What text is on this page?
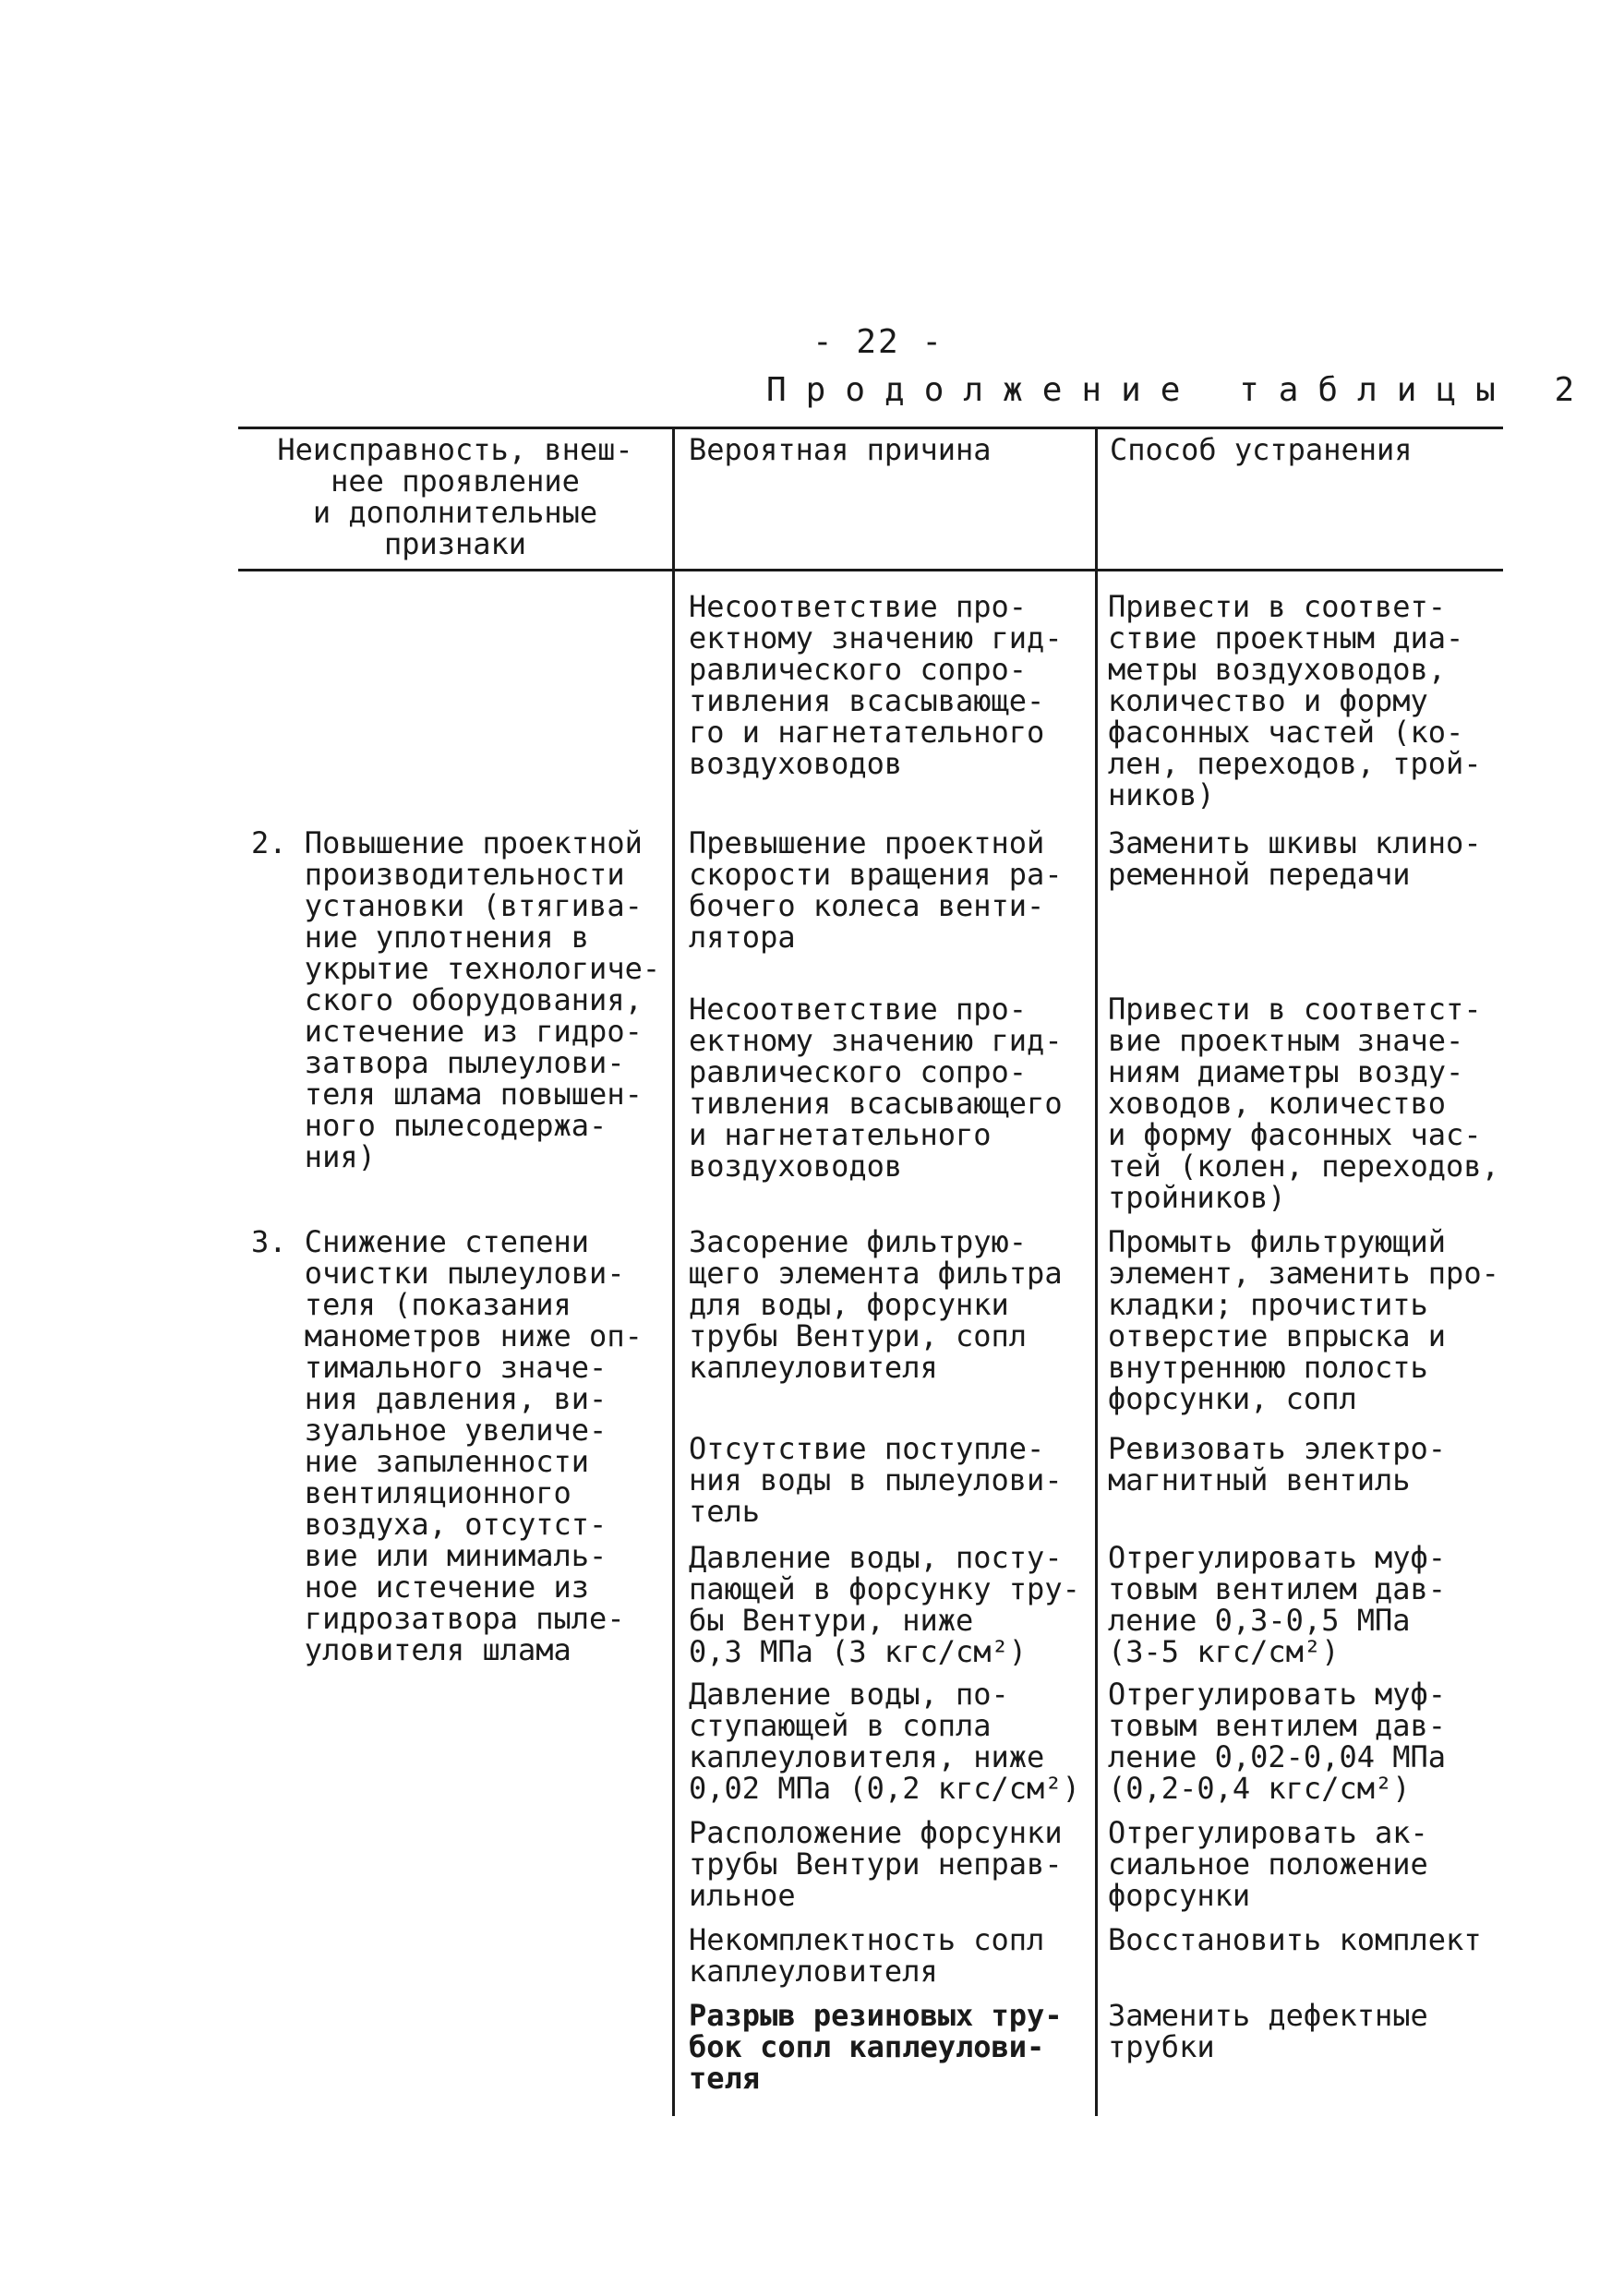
- 22 -
Продолжение таблицы 2
Неисправность, внеш-
нее проявление
и дополнительные
признаки
Вероятная причина	Способ устранения
Несоответствие про-
ектному значению гид-
равлического сопро-
тивления всасывающе-
го и нагнетательного
воздуховодов
Привести в соответ-
ствие проектным диа-
метры воздуховодов,
количество и форму
фасонных частей (ко-
лен, переходов, трой-
ников)
2. Повышение проектной
производительности
установки (втягива-
ние уплотнения в
укрытие технологиче-
ского оборудования,
истечение из гидро-
затвора пылеулови-
теля шлама повышен-
ного пылесодержа-
ния)
Превышение проектной
скорости вращения ра-
бочего колеса венти-
лятора
Заменить шкивы клино-
ременной передачи
Несоответствие про-
ектному значению гид-
равлического сопро-
тивления всасывающего
и нагнетательного
воздуховодов
Привести в соответст-
вие проектным значе-
ниям диаметры возду-
ховодов, количество
и форму фасонных час-
тей (колен, переходов,
тройников)
3. Снижение степени
очистки пылеулови-
теля (показания
манометров ниже оп-
тимального значе-
ния давления, ви-
зуальное увеличе-
ние запыленности
вентиляционного
воздуха, отсутст-
вие или минималь-
ное истечение из
гидрозатвора пыле-
уловителя шлама
Засорение фильтрую-
щего элемента фильтра
для воды, форсунки
трубы Вентури, сопл
каплеуловителя
Промыть фильтрующий
элемент, заменить про-
кладки; прочистить
отверстие впрыска и
внутреннюю полость
форсунки, сопл
Отсутствие поступле-
ния воды в пылеулови-
тель
Ревизовать электро-
магнитный вентиль
Давление воды, посту-
пающей в форсунку тру-
бы Вентури, ниже
0,3 МПа (3 кгс/см²)
Отрегулировать муф-
товым вентилем дав-
ление 0,3-0,5 МПа
(3-5 кгс/см²)
Давление воды, по-
ступающей в сопла
каплеуловителя, ниже
0,02 МПа (0,2 кгс/см²)
Отрегулировать муф-
товым вентилем дав-
ление 0,02-0,04 МПа
(0,2-0,4 кгс/см²)
Расположение форсунки
трубы Вентури неправ-
ильное
Отрегулировать ак-
сиальное положение
форсунки
Некомплектность сопл
каплеуловителя
Восстановить комплект
Разрыв резиновых тру-
бок сопл каплеулови-
теля
Заменить дефектные
трубки
